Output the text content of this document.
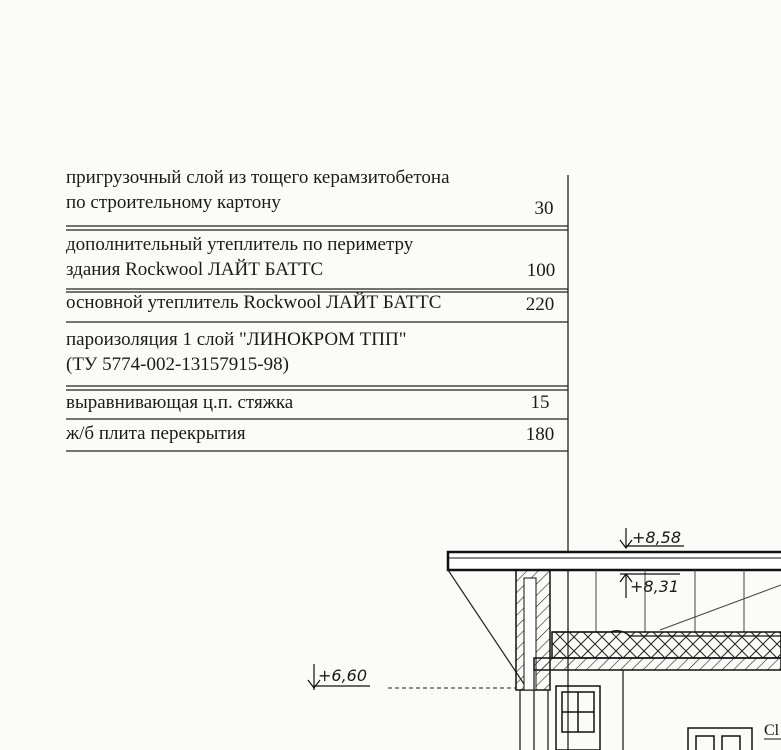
+8,58
+8,31
+6,60
Сl
пригрузочный слой из тощего керамзитобетона
по строительному картону	30
дополнительный утеплитель по периметру
здания Rockwool ЛАЙТ БАТТС	100
основной утеплитель Rockwool ЛАЙТ БАТТС	220
пароизоляция 1 слой "ЛИНОКРОМ ТПП"
(ТУ 5774-002-13157915-98)
выравнивающая ц.п. стяжка	15
ж/б плита перекрытия	180
